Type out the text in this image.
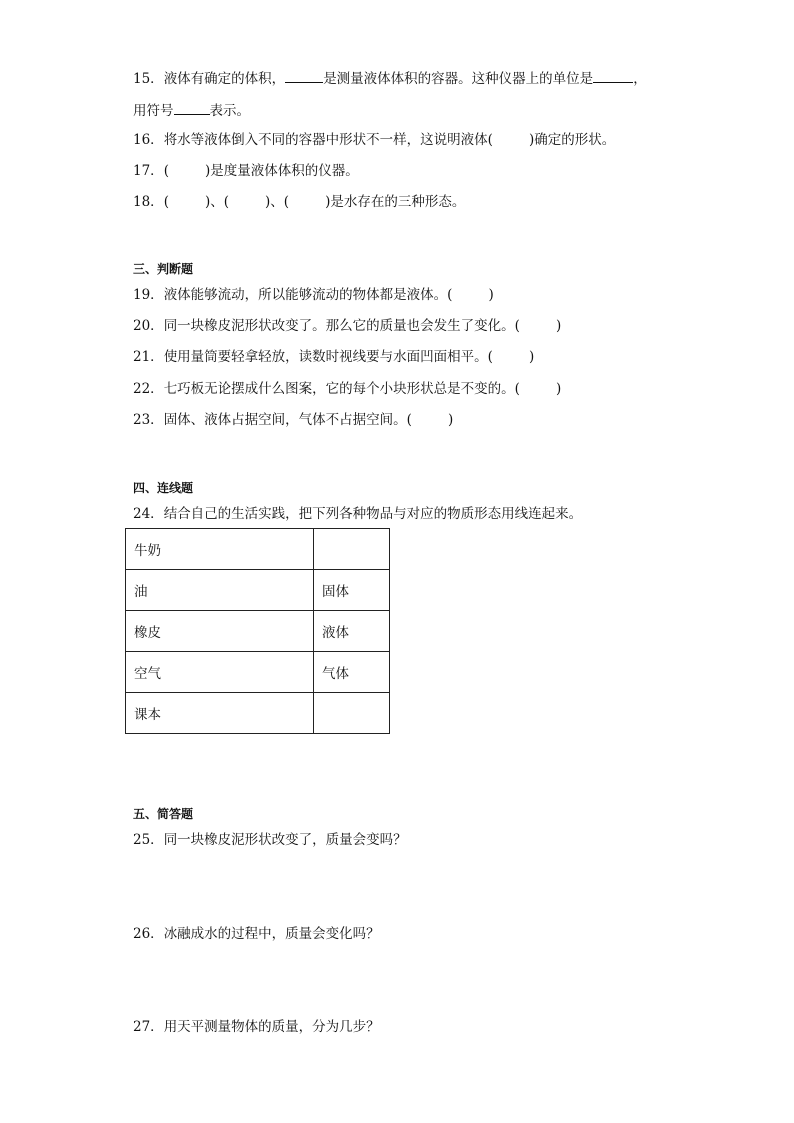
15．液体有确定的体积，	是测量液体体积的容器。这种仪器上的单位是	，
用符号	表示。
16．将水等液体倒入不同的容器中形状不一样，这说明液体(	)确定的形状。
17．(	)是度量液体体积的仪器。
18．(	)、(	)、(	)是水存在的三种形态。
三、判断题
19．液体能够流动，所以能够流动的物体都是液体。(	)
20．同一块橡皮泥形状改变了。那么它的质量也会发生了变化。(	)
21．使用量筒要轻拿轻放，读数时视线要与水面凹面相平。(	)
22．七巧板无论摆成什么图案，它的每个小块形状总是不变的。(	)
23．固体、液体占据空间，气体不占据空间。(	)
四、连线题
24．结合自己的生活实践，把下列各种物品与对应的物质形态用线连起来。
牛奶	
油	固体
橡皮	液体
空气	气体
课本	
五、简答题
25．同一块橡皮泥形状改变了，质量会变吗？
26．冰融成水的过程中，质量会变化吗？
27．用天平测量物体的质量，分为几步？
